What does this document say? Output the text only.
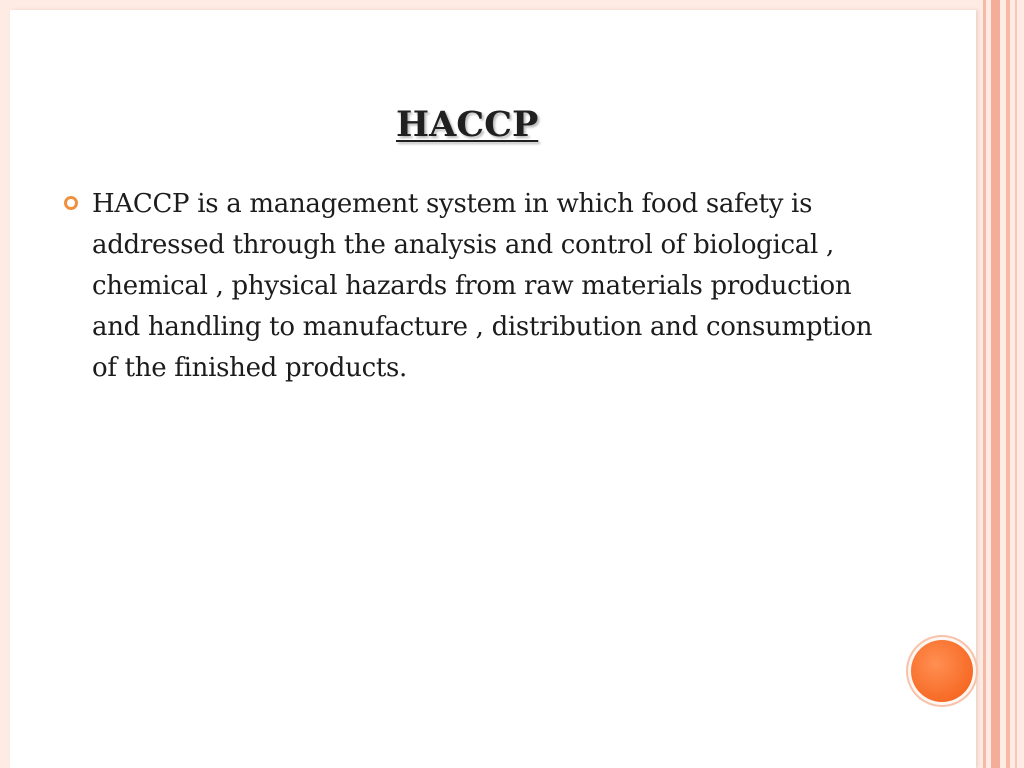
HACCP
HACCP is a management system in which food safety is addressed through the analysis and control of biological , chemical , physical hazards from raw materials production and handling to manufacture , distribution and consumption of the finished products.
